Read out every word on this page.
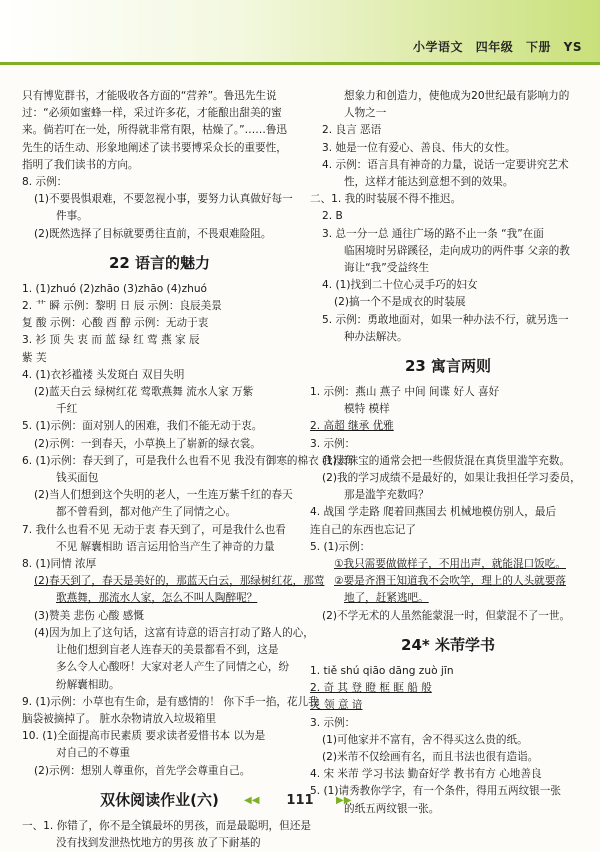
小学语文 四年级 下册 YS
只有博览群书，才能吸收各方面的“营养”。鲁迅先生说
过：“必须如蜜蜂一样，采过许多花，才能酿出甜美的蜜
来。倘若叮在一处，所得就非常有限，枯燥了。”……鲁迅
先生的话生动、形象地阐述了读书要博采众长的重要性，
指明了我们读书的方向。
8. 示例：
(1)不要畏惧艰难，不要忽视小事，要努力认真做好每一
件事。
(2)既然选择了目标就要勇往直前，不畏艰难险阻。
22 语言的魅力
1. (1)zhuó (2)zhāo (3)zhāo (4)zhuó
2. 艹 瞬 示例：黎明 日 辰 示例：良辰美景
复 酸 示例：心酸 酉 醇 示例：无动于衷
3. 衫 顶 失 衷 而 蓝 绿 红 莺 燕 家 辰
紫 芙
4. (1)衣衫褴褛 头发斑白 双目失明
(2)蓝天白云 绿树红花 莺歌燕舞 流水人家 万紫
千红
5. (1)示例：面对别人的困难，我们不能无动于衷。
(2)示例：一到春天，小草换上了崭新的绿衣裳。
6. (1)示例：春天到了，可是我什么也看不见 我没有御寒的棉衣 我没有
钱买面包
(2)当人们想到这个失明的老人，一生连万紫千红的春天
都不曾看到，都对他产生了同情之心。
7. 我什么也看不见 无动于衷 春天到了，可是我什么也看
不见 解囊相助 语言运用恰当产生了神奇的力量
8. (1)同情 浓厚
(2)春天到了，春天是美好的，那蓝天白云，那绿树红花，那莺
歌燕舞，那流水人家，怎么不叫人陶醉呢？
(3)赞美 悲伤 心酸 感慨
(4)因为加上了这句话，这富有诗意的语言打动了路人的心，
让他们想到盲老人连春天的美景都看不到，这是
多么令人心酸呀！大家对老人产生了同情之心，纷
纷解囊相助。
9. (1)示例：小草也有生命，是有感情的！ 你下手一掐，花儿我
脑袋被摘掉了。 脏水杂物请放入垃圾箱里
10. (1)全面提高市民素质 要求读者爱惜书本 以为是
对自己的不尊重
(2)示例：想别人尊重你，首先学会尊重自己。
双休阅读作业(六)
一、1. 你错了，你不是全镇最坏的男孩，而是最聪明，但还是
没有找到发泄热忱地方的男孩 放了下耐基的
想象力和创造力，使他成为20世纪最有影响力的
人物之一
2. 良言 恶语
3. 她是一位有爱心、善良、伟大的女性。
4. 示例：语言具有神奇的力量，说话一定要讲究艺术
性，这样才能达到意想不到的效果。
二、1. 我的时装展不得不推迟。
2. B
3. 总一分一总 通往广场的路不止一条 “我”在面
临困境时另辟蹊径，走向成功的两件事 父亲的教
诲让“我”受益终生
4. (1)找到二十位心灵手巧的妇女
(2)搞一个不是成衣的时装展
5. 示例：勇敢地面对，如果一种办法不行，就另选一
种办法解决。
23 寓言两则
1. 示例：燕山 燕子 中间 间谍 好人 喜好
模特 模样
2. 高超 继承 优雅
3. 示例：
(1)卖珠宝的通常会把一些假货混在真货里滥竽充数。
(2)我的学习成绩不是最好的，如果让我担任学习委员，
那是滥竽充数吗？
4. 战国 学走路 爬着回燕国去 机械地模仿别人，最后
连自己的东西也忘记了
5. (1)示例：
①我只需要做做样子，不用出声，就能混口饭吃。
②要是齐湣王知道我不会吹竽，理上的人头就要落
地了，赶紧逃吧。
(2)不学无术的人虽然能蒙混一时，但蒙混不了一世。
24* 米芾学书
1. tiě shú qiāo dāng zuò jīn
2. 奇 其 登 瞪 框 眶 船 般
灵 领 意 谙
3. 示例：
(1)可他家并不富有，舍不得买这么贵的纸。
(2)米芾不仅绘画有名，而且书法也很有造诣。
4. 宋 米芾 学习书法 勤奋好学 教书有方 心地善良
5. (1)请秀教你学字，有一个条件，得用五两纹银一张
的纸五两纹银一张。
◀◀	111	▶▶
